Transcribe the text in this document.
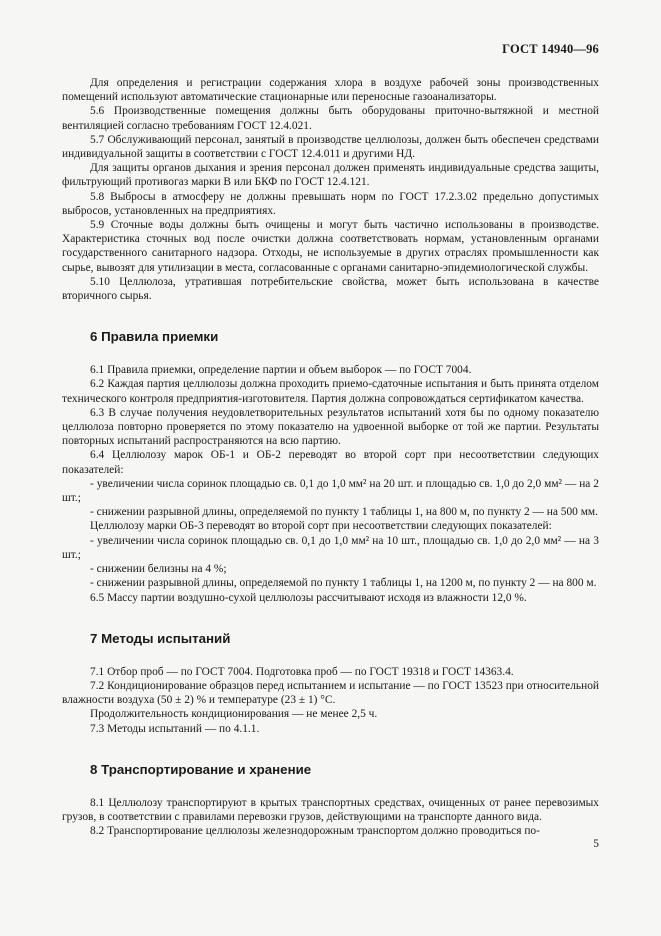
ГОСТ 14940—96

Для определения и регистрации содержания хлора в воздухе рабочей зоны производственных помещений используют автоматические стационарные или переносные газоанализаторы.

5.6 Производственные помещения должны быть оборудованы приточно-вытяжной и местной вентиляцией согласно требованиям ГОСТ 12.4.021.

5.7 Обслуживающий персонал, занятый в производстве целлюлозы, должен быть обеспечен средствами индивидуальной защиты в соответствии с ГОСТ 12.4.011 и другими НД.

Для защиты органов дыхания и зрения персонал должен применять индивидуальные средства защиты, фильтрующий противогаз марки В или БКФ по ГОСТ 12.4.121.

5.8 Выбросы в атмосферу не должны превышать норм по ГОСТ 17.2.3.02 предельно допустимых выбросов, установленных на предприятиях.

5.9 Сточные воды должны быть очищены и могут быть частично использованы в производстве. Характеристика сточных вод после очистки должна соответствовать нормам, установленным органами государственного санитарного надзора. Отходы, не используемые в других отраслях промышленности как сырье, вывозят для утилизации в места, согласованные с органами санитарно-эпидемиологической службы.

5.10 Целлюлоза, утратившая потребительские свойства, может быть использована в качестве вторичного сырья.

6 Правила приемки

6.1 Правила приемки, определение партии и объем выборок — по ГОСТ 7004.

6.2 Каждая партия целлюлозы должна проходить приемо-сдаточные испытания и быть принята отделом технического контроля предприятия-изготовителя. Партия должна сопровождаться сертификатом качества.

6.3 В случае получения неудовлетворительных результатов испытаний хотя бы по одному показателю целлюлоза повторно проверяется по этому показателю на удвоенной выборке от той же партии. Результаты повторных испытаний распространяются на всю партию.

6.4 Целлюлозу марок ОБ-1 и ОБ-2 переводят во второй сорт при несоответствии следующих показателей:

- увеличении числа соринок площадью св. 0,1 до 1,0 мм² на 20 шт. и площадью св. 1,0 до 2,0 мм² — на 2 шт.;

- снижении разрывной длины, определяемой по пункту 1 таблицы 1, на 800 м, по пункту 2 — на 500 мм.

Целлюлозу марки ОБ-3 переводят во второй сорт при несоответствии следующих показателей:

- увеличении числа соринок площадью св. 0,1 до 1,0 мм² на 10 шт., площадью св. 1,0 до 2,0 мм² — на 3 шт.;

- снижении белизны на 4 %;

- снижении разрывной длины, определяемой по пункту 1 таблицы 1, на 1200 м, по пункту 2 — на 800 м.

6.5 Массу партии воздушно-сухой целлюлозы рассчитывают исходя из влажности 12,0 %.

7 Методы испытаний

7.1 Отбор проб — по ГОСТ 7004. Подготовка проб — по ГОСТ 19318 и ГОСТ 14363.4.

7.2 Кондиционирование образцов перед испытанием и испытание — по ГОСТ 13523 при относительной влажности воздуха (50 ± 2) % и температуре (23 ± 1) °С.

Продолжительность кондиционирования — не менее 2,5 ч.

7.3 Методы испытаний — по 4.1.1.

8 Транспортирование и хранение

8.1 Целлюлозу транспортируют в крытых транспортных средствах, очищенных от ранее перевозимых грузов, в соответствии с правилами перевозки грузов, действующими на транспорте данного вида.

8.2 Транспортирование целлюлозы железнодорожным транспортом должно проводиться по-

5
